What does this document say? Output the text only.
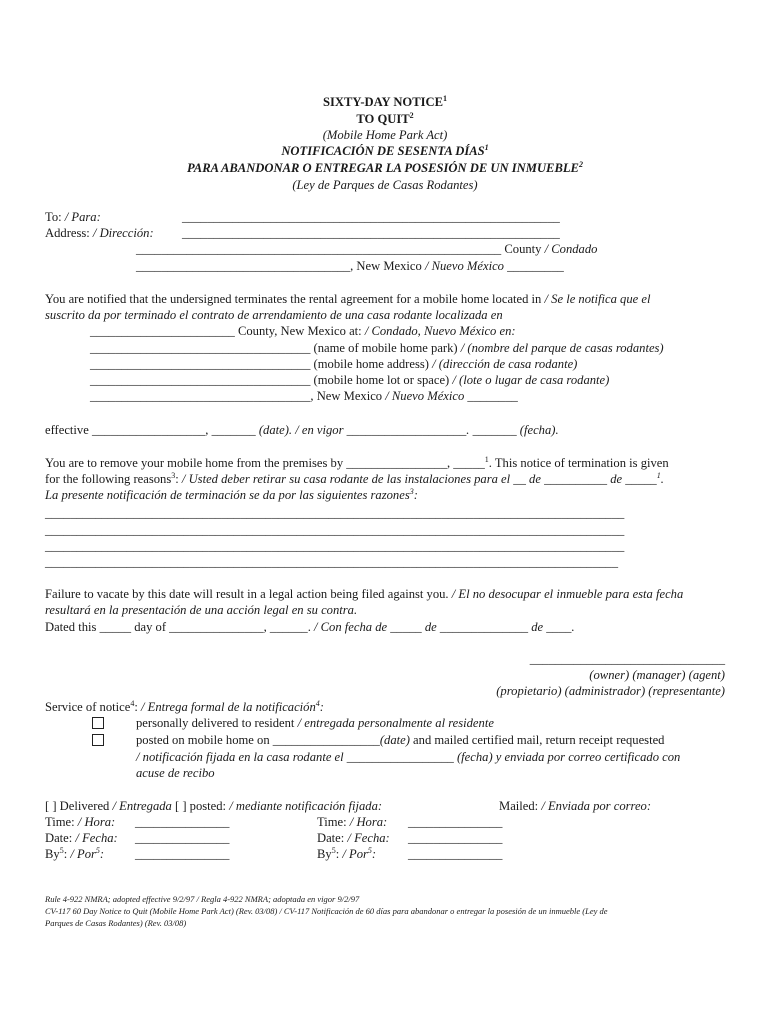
SIXTY-DAY NOTICE$^1$
TO QUIT$^2$
(Mobile Home Park Act)
NOTIFICACIÓN DE SESENTA DÍAS$^1$
PARA ABANDONAR O ENTREGAR LA POSESIÓN DE UN INMUEBLE$^2$
(Ley de Parques de Casas Rodantes)
To: / Para:	____________________________________________________________
Address: / Dirección: ____________________________________________________________
__________________________________________________________ County / Condado
__________________________________, New Mexico / Nuevo México _________
You are notified that the undersigned terminates the rental agreement for a mobile home located in / Se le notifica que el
suscrito da por terminado el contrato de arrendamiento de una casa rodante localizada en
_______________________ County, New Mexico at: / Condado, Nuevo México en:
___________________________________ (name of mobile home park) / (nombre del parque de casas rodantes)
___________________________________ (mobile home address) / (dirección de casa rodante)
___________________________________ (mobile home lot or space) / (lote o lugar de casa rodante)
___________________________________, New Mexico / Nuevo México ________
effective __________________, _______ (date). / en vigor ___________________. _______ (fecha).
You are to remove your mobile home from the premises by ________________, _____$^1$. This notice of termination is given
for the following reasons$^3$: / Usted deber retirar su casa rodante de las instalaciones para el __ de __________ de _____$^1$.
La presente notificación de terminación se da por las siguientes razones$^3$:
____________________________________________________________________________________________
____________________________________________________________________________________________
____________________________________________________________________________________________
___________________________________________________________________________________________
Failure to vacate by this date will result in a legal action being filed against you. / El no desocupar el inmueble para esta fecha
resultará en la presentación de una acción legal en su contra.
Dated this _____ day of _______________, ______. / Con fecha de _____ de ______________ de ____.
_______________________________
(owner) (manager) (agent)
(propietario) (administrador) (representante)
Service of notice$^4$: / Entrega formal de la notificación$^4$:
personally delivered to resident / entregada personalmente al residente
posted on mobile home on _________________(date) and mailed certified mail, return receipt requested
/ notificación fijada en la casa rodante el _________________ (fecha) y enviada por correo certificado con
acuse de recibo
[ ] Delivered / Entregada [ ] posted: / mediante notificación fijada:	Mailed: / Enviada por correo:
Time: / Hora: _______________	Time: / Hora: _______________
Date: / Fecha: _______________	Date: / Fecha: _______________
By$^5$: / Por$^5$: _______________	By$^5$: / Por$^5$:	_______________
Rule 4-922 NMRA; adopted effective 9/2/97 / Regla 4-922 NMRA; adoptada en vigor 9/2/97
CV-117 60 Day Notice to Quit (Mobile Home Park Act) (Rev. 03/08) / CV-117 Notificación de 60 días para abandonar o entregar la posesión de un inmueble (Ley de
Parques de Casas Rodantes) (Rev. 03/08)
